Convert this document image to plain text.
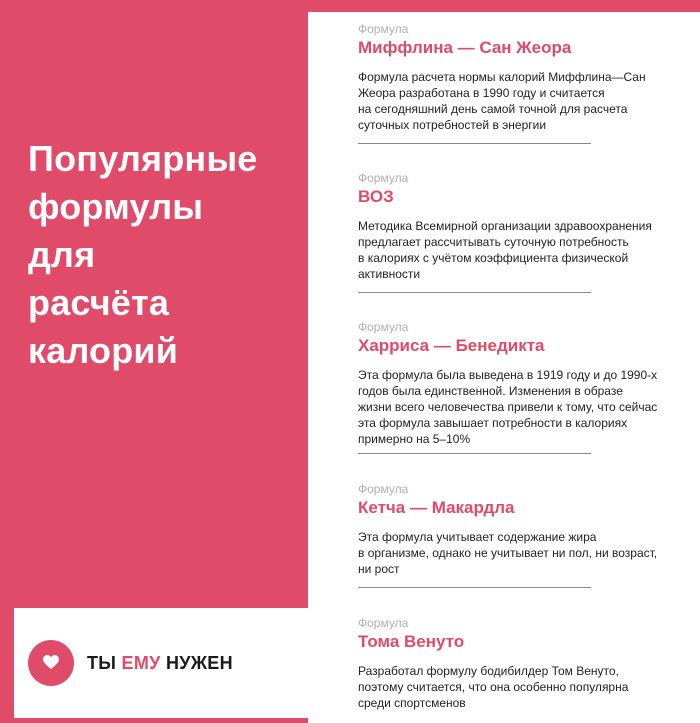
Популярные
формулы
для
расчёта
калорий
ТЫ ЕМУ НУЖЕН
Формула
Миффлина — Сан Жеора

Формула расчета нормы калорий Миффлина—Сан
Жеора разработана в 1990 году и считается
на сегодняшний день самой точной для расчета
суточных потребностей в энергии

Формула
ВОЗ

Методика Всемирной организации здравоохранения
предлагает рассчитывать суточную потребность
в калориях с учётом коэффициента физической
активности

Формула
Харриса — Бенедикта

Эта формула была выведена в 1919 году и до 1990-х
годов была единственной. Изменения в образе
жизни всего человечества привели к тому, что сейчас
эта формула завышает потребности в калориях
примерно на 5–10%

Формула
Кетча — Макардла

Эта формула учитывает содержание жира
в организме, однако не учитывает ни пол, ни возраст,
ни рост

Формула
Тома Венуто

Разработал формулу бодибилдер Том Венуто,
поэтому считается, что она особенно популярна
среди спортсменов
